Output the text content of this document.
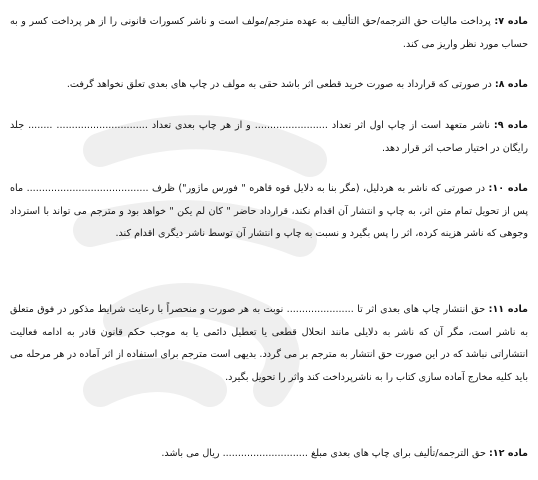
ماده ۷: پرداخت مالیات حق الترجمه/حق التألیف به عهده مترجم/مولف است و ناشر کسورات قانونی را از هر پرداخت کسر و به حساب مورد نظر واریز می کند.

ماده ۸: در صورتی که قرارداد به صورت خرید قطعی اثر باشد حقی به مولف در چاپ های بعدی تعلق نخواهد گرفت.

ماده ۹: ناشر متعهد است از چاپ اول اثر تعداد ........................ و از هر چاپ بعدی تعداد .............................. ........ جلد رایگان در اختیار صاحب اثر قرار دهد.

ماده ۱۰: در صورتی که ناشر به هردلیل، (مگر بنا به دلایل قوه قاهره " فورس ماژور") ظرف ........................................ ماه پس از تحویل تمام متن اثر، به چاپ و انتشار آن اقدام نکند، قرارداد حاضر " کان لم یکن " خواهد بود و مترجم می تواند با استرداد وجوهی که ناشر هزینه کرده، اثر را پس بگیرد و نسبت به چاپ و انتشار آن توسط ناشر دیگری اقدام کند.

ماده ۱۱: حق انتشار چاپ های بعدی اثر تا ...................... نوبت به هر صورت و منحصراً با رعایت شرایط مذکور در فوق متعلق به ناشر است، مگر آن که ناشر به دلایلی مانند انحلال قطعی یا تعطیل دائمی یا به موجب حکم قانون قادر به ادامه فعالیت انتشاراتی نباشد که در این صورت حق انتشار به مترجم بر می گردد. بدیهی است مترجم برای استفاده از اثر آماده در هر مرحله می باید کلیه مخارج آماده سازی کتاب را به ناشرپرداخت کند واثر را تحویل بگیرد.

ماده ۱۲: حق الترجمه/تألیف برای چاپ های بعدی مبلغ ............................ ریال می باشد.
